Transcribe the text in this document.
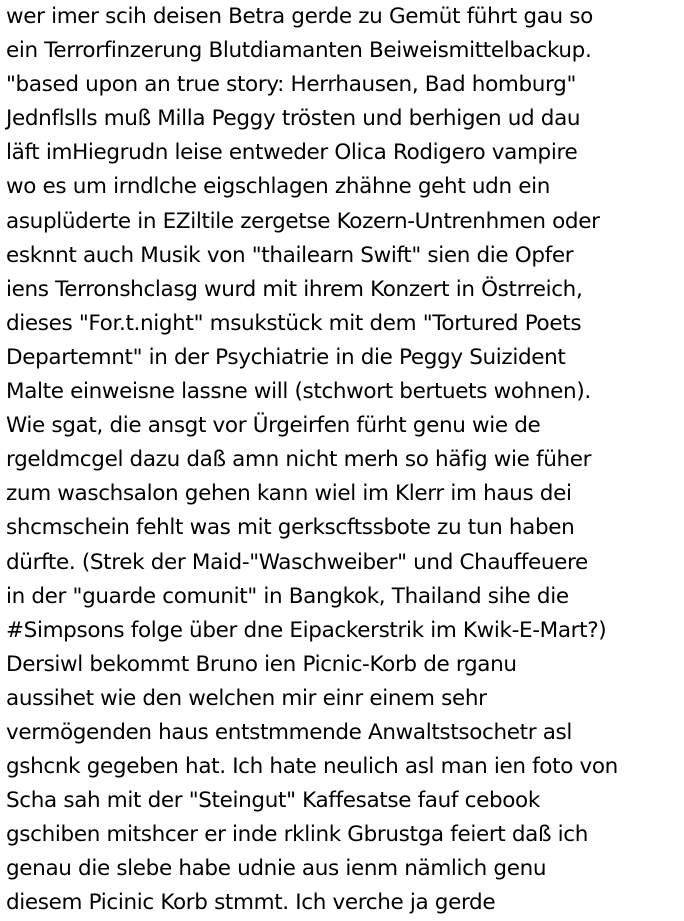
wer imer scih deisen Betra gerde zu Gemüt führt gau so
ein Terrorfinzerung Blutdiamanten Beiweismittelbackup.
"based upon an true story: Herrhausen, Bad homburg"
Jednflslls muß Milla Peggy trösten und berhigen ud dau
läft imHiegrudn leise entweder Olica Rodigero vampire
wo es um irndlche eigschlagen zhähne geht udn ein
asuplüderte in EZiltile zergetse Kozern-Untrenhmen oder
esknnt auch Musik von "thailearn Swift" sien die Opfer
iens Terronshclasg wurd mit ihrem Konzert in Östrreich,
dieses "For.t.night" msukstück mit dem "Tortured Poets
Departemnt" in der Psychiatrie in die Peggy Suizident
Malte einweisne lassne will (stchwort bertuets wohnen).
Wie sgat, die ansgt vor Ürgeirfen fürht genu wie de
rgeldmcgel dazu daß amn nicht merh so häfig wie füher
zum waschsalon gehen kann wiel im Klerr im haus dei
shcmschein fehlt was mit gerkscftssbote zu tun haben
dürfte. (Strek der Maid-"Waschweiber" und Chauffeuere
in der "guarde comunit" in Bangkok, Thailand sihe die
#Simpsons folge über dne Eipackerstrik im Kwik-E-Mart?)
Dersiwl bekommt Bruno ien Picnic-Korb de rganu
aussihet wie den welchen mir einr einem sehr
vermögenden haus entstmmende Anwaltstsochetr asl
gshcnk gegeben hat. Ich hate neulich asl man ien foto von
Scha sah mit der "Steingut" Kaffesatse fauf cebook
gschiben mitshcer er inde rklink Gbrustga feiert daß ich
genau die slebe habe udnie aus ienm nämlich genu
diesem Picinic Korb stmmt. Ich verche ja gerde
